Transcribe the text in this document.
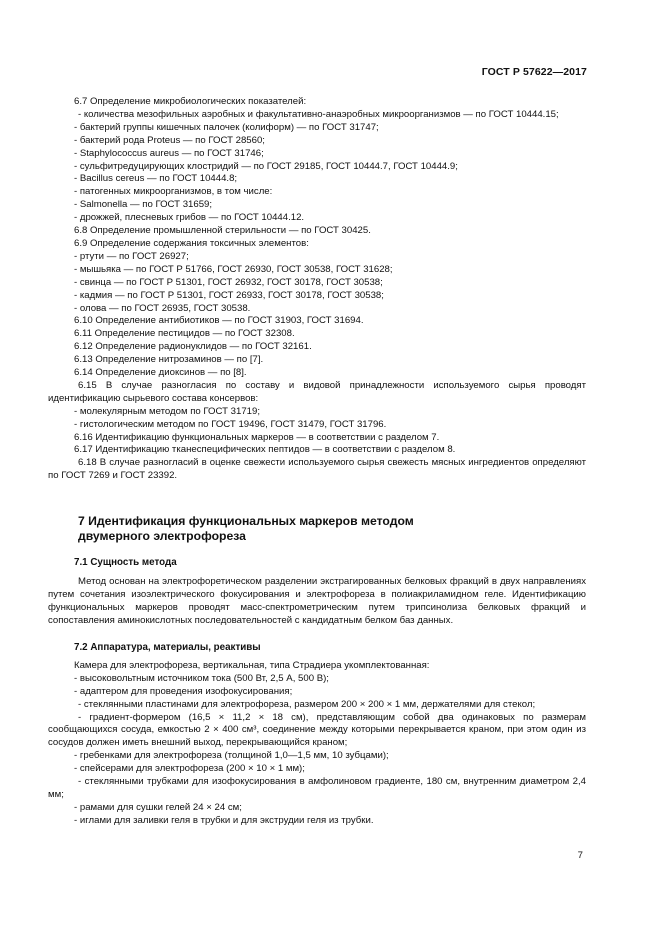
ГОСТ Р 57622—2017

6.7 Определение микробиологических показателей:

- количества мезофильных аэробных и факультативно-анаэробных микроорганизмов — по ГОСТ 10444.15;

- бактерий группы кишечных палочек (колиформ) — по ГОСТ 31747;

- бактерий рода Proteus — по ГОСТ 28560;

- Staphylococcus aureus — по ГОСТ 31746;

- сульфитредуцирующих клостридий — по ГОСТ 29185, ГОСТ 10444.7, ГОСТ 10444.9;

- Bacillus cereus — по ГОСТ 10444.8;

- патогенных микроорганизмов, в том числе:

- Salmonella — по ГОСТ 31659;

- дрожжей, плесневых грибов — по ГОСТ 10444.12.

6.8 Определение промышленной стерильности — по ГОСТ 30425.

6.9 Определение содержания токсичных элементов:

- ртути — по ГОСТ 26927;

- мышьяка — по ГОСТ Р 51766, ГОСТ 26930, ГОСТ 30538, ГОСТ 31628;

- свинца — по ГОСТ Р 51301, ГОСТ 26932, ГОСТ 30178, ГОСТ 30538;

- кадмия — по ГОСТ Р 51301, ГОСТ 26933, ГОСТ 30178, ГОСТ 30538;

- олова — по ГОСТ 26935, ГОСТ 30538.

6.10 Определение антибиотиков — по ГОСТ 31903, ГОСТ 31694.

6.11 Определение пестицидов — по ГОСТ 32308.

6.12 Определение радионуклидов — по ГОСТ 32161.

6.13 Определение нитрозаминов — по [7].

6.14 Определение диоксинов — по [8].

6.15 В случае разногласия по составу и видовой принадлежности используемого сырья проводят идентификацию сырьевого состава консервов:

- молекулярным методом по ГОСТ 31719;

- гистологическим методом по ГОСТ 19496, ГОСТ 31479, ГОСТ 31796.

6.16 Идентификацию функциональных маркеров — в соответствии с разделом 7.

6.17 Идентификацию тканеспецифических пептидов — в соответствии с разделом 8.

6.18 В случае разногласий в оценке свежести используемого сырья свежесть мясных ингредиентов определяют по ГОСТ 7269 и ГОСТ 23392.

7 Идентификация функциональных маркеров методом
двумерного электрофореза

7.1 Сущность метода

Метод основан на электрофоретическом разделении экстрагированных белковых фракций в двух направлениях путем сочетания изоэлектрического фокусирования и электрофореза в полиакриламидном геле. Идентификацию функциональных маркеров проводят масс-спектрометрическим путем трипсинолиза белковых фракций и сопоставления аминокислотных последовательностей с кандидатным белком баз данных.

7.2 Аппаратура, материалы, реактивы

Камера для электрофореза, вертикальная, типа Страдиера укомплектованная:

- высоковольтным источником тока (500 Вт, 2,5 А, 500 В);

- адаптером для проведения изофокусирования;

- стеклянными пластинами для электрофореза, размером 200 × 200 × 1 мм, держателями для стекол;

- градиент-формером (16,5 × 11,2 × 18 см), представляющим собой два одинаковых по размерам сообщающихся сосуда, емкостью 2 × 400 см³, соединение между которыми перекрывается краном, при этом один из сосудов должен иметь внешний выход, перекрывающийся краном;

- гребенками для электрофореза (толщиной 1,0—1,5 мм, 10 зубцами);

- спейсерами для электрофореза (200 × 10 × 1 мм);

- стеклянными трубками для изофокусирования в амфолиновом градиенте, 180 см, внутренним диаметром 2,4 мм;

- рамами для сушки гелей 24 × 24 см;

- иглами для заливки геля в трубки и для экструдии геля из трубки.

7
